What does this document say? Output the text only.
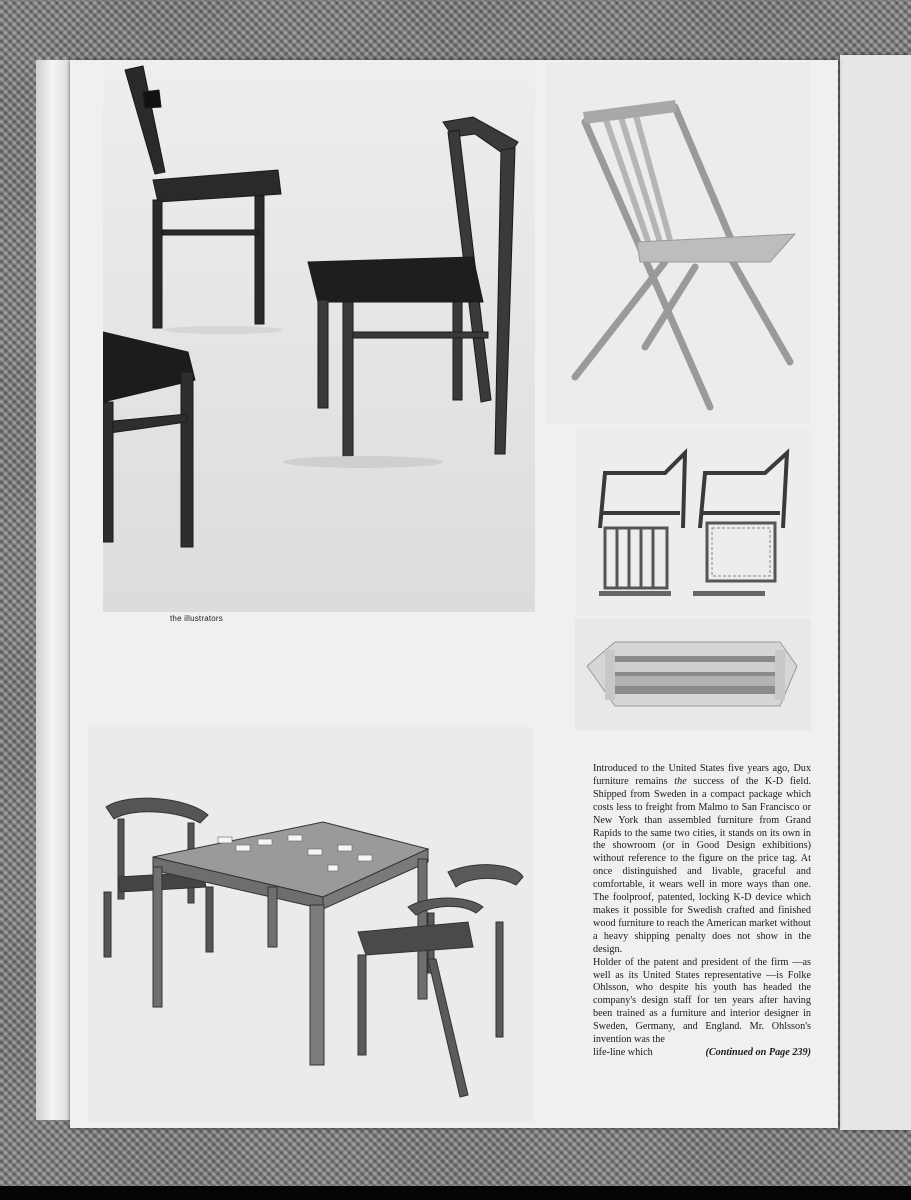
the illustrators

Introduced to the United States five years ago, Dux furniture remains the success of the K-D field. Shipped from Sweden in a compact package which costs less to freight from Malmo to San Francisco or New York than assembled furniture from Grand Rapids to the same two cities, it stands on its own in the showroom (or in Good Design exhibitions) without reference to the figure on the price tag. At once distinguished and livable, graceful and comfortable, it wears well in more ways than one. The foolproof, patented, locking K-D device which makes it possible for Swedish crafted and finished wood furniture to reach the American market without a heavy shipping penalty does not show in the design.

Holder of the patent and president of the firm —as well as its United States representative —is Folke Ohlsson, who despite his youth has headed the company's design staff for ten years after having been trained as a furniture and interior designer in Sweden, Germany, and England. Mr. Ohlsson's invention was the

life-line which	(Continued on Page 239)
